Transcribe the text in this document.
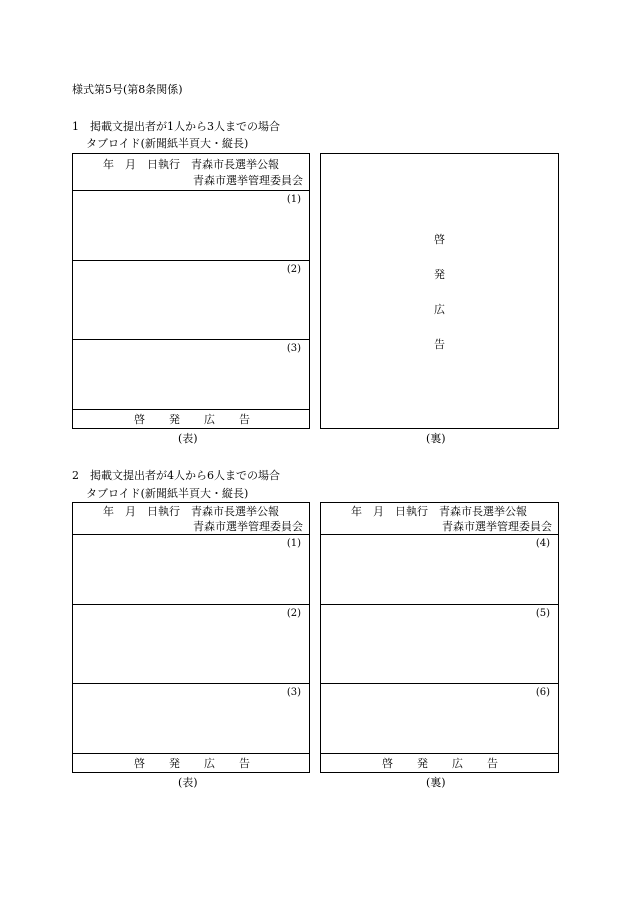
様式第5号(第8条関係)
1　掲載文提出者が1人から3人までの場合
タブロイド(新聞紙半頁大・縦長)
年　月　日執行　青森市長選挙公報
青森市選挙管理委員会
(1)
(2)
(3)
啓 発 広 告
(表)
啓
発
広
告
(裏)
2　掲載文提出者が4人から6人までの場合
タブロイド(新聞紙半頁大・縦長)
年　月　日執行　青森市長選挙公報
青森市選挙管理委員会
(1)
(2)
(3)
啓 発 広 告
(表)
年　月　日執行　青森市長選挙公報
青森市選挙管理委員会
(4)
(5)
(6)
啓 発 広 告
(裏)
